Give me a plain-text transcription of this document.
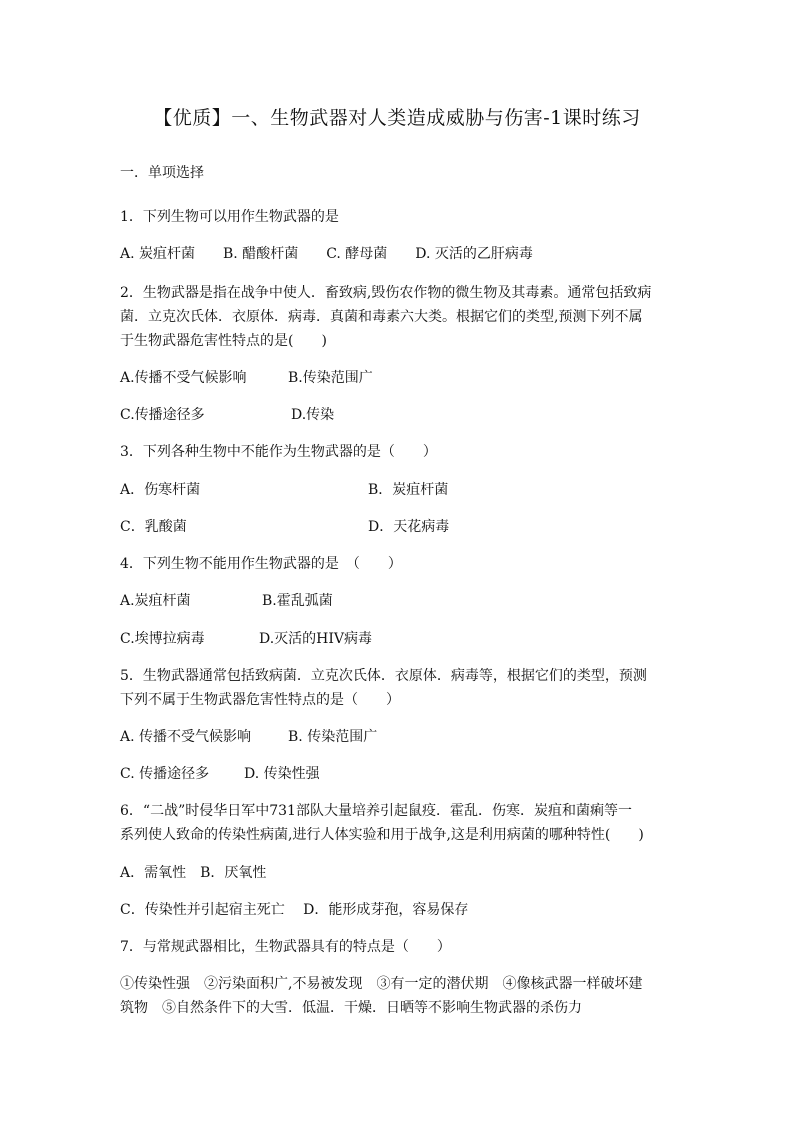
【优质】一、生物武器对人类造成威胁与伤害-1课时练习
一．单项选择
1．下列生物可以用作生物武器的是
A. 炭疽杆菌　　B. 醋酸杆菌　　C. 酵母菌　　D. 灭活的乙肝病毒
2．生物武器是指在战争中使人．畜致病,毁伤农作物的微生物及其毒素。通常包括致病
菌．立克次氏体．衣原体．病毒．真菌和毒素六大类。根据它们的类型,预测下列不属
于生物武器危害性特点的是(　　)
A.传播不受气候影响	B.传染范围广
C.传播途径多	D.传染
3．下列各种生物中不能作为生物武器的是（　　）
A．伤寒杆菌	B．炭疽杆菌
C．乳酸菌	D．天花病毒
4．下列生物不能用作生物武器的是　（　　）
A.炭疽杆菌	B.霍乱弧菌
C.埃博拉病毒	D.灭活的HIV病毒
5．生物武器通常包括致病菌．立克次氏体．衣原体．病毒等，根据它们的类型，预测
下列不属于生物武器危害性特点的是（　　）
A. 传播不受气候影响	B. 传染范围广
C. 传播途径多 D. 传染性强
6．“二战”时侵华日军中731部队大量培养引起鼠疫．霍乱．伤寒．炭疽和菌痢等一
系列使人致命的传染性病菌,进行人体实验和用于战争,这是利用病菌的哪种特性(　　)
A．需氧性　B．厌氧性
C．传染性并引起宿主死亡　 D．能形成芽孢，容易保存
7．与常规武器相比，生物武器具有的特点是（　　）
①传染性强　②污染面积广,不易被发现　③有一定的潜伏期　④像核武器一样破坏建
筑物　⑤自然条件下的大雪．低温．干燥．日晒等不影响生物武器的杀伤力
